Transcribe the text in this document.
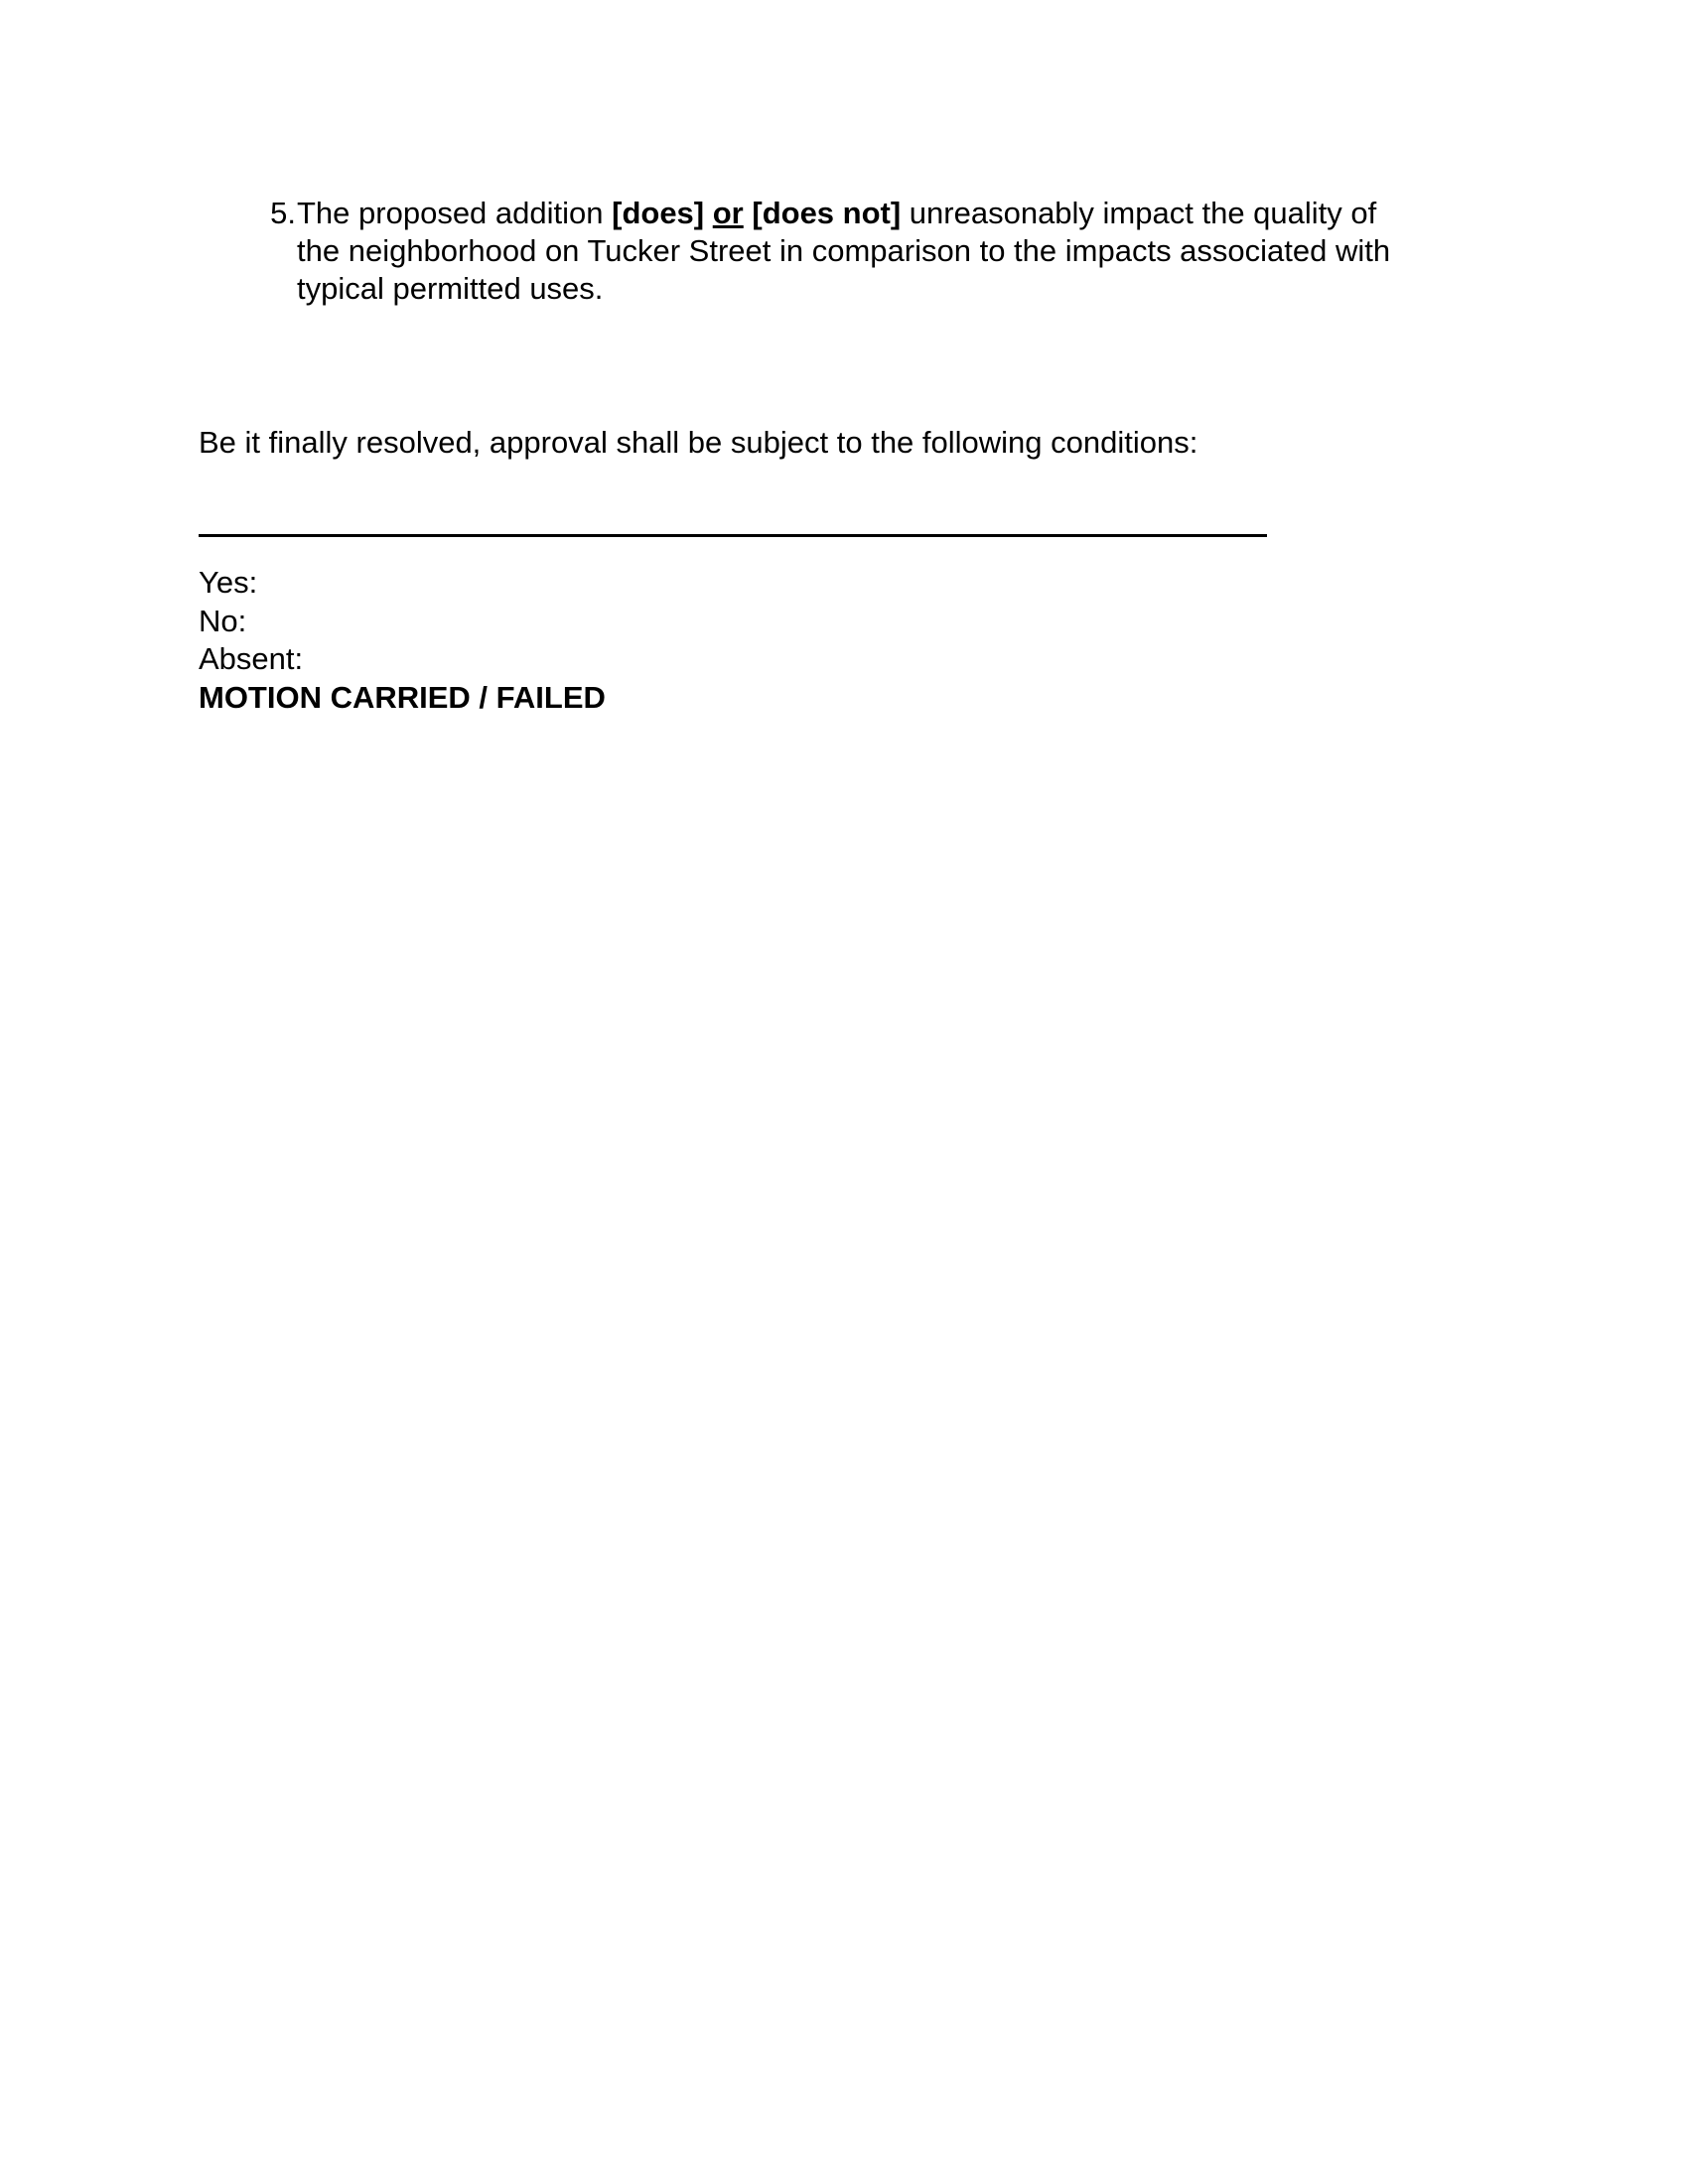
5. The proposed addition [does] or [does not] unreasonably impact the quality of
the neighborhood on Tucker Street in comparison to the impacts associated with
typical permitted uses.
Be it finally resolved, approval shall be subject to the following conditions:
Yes:
No:
Absent:
MOTION CARRIED / FAILED
